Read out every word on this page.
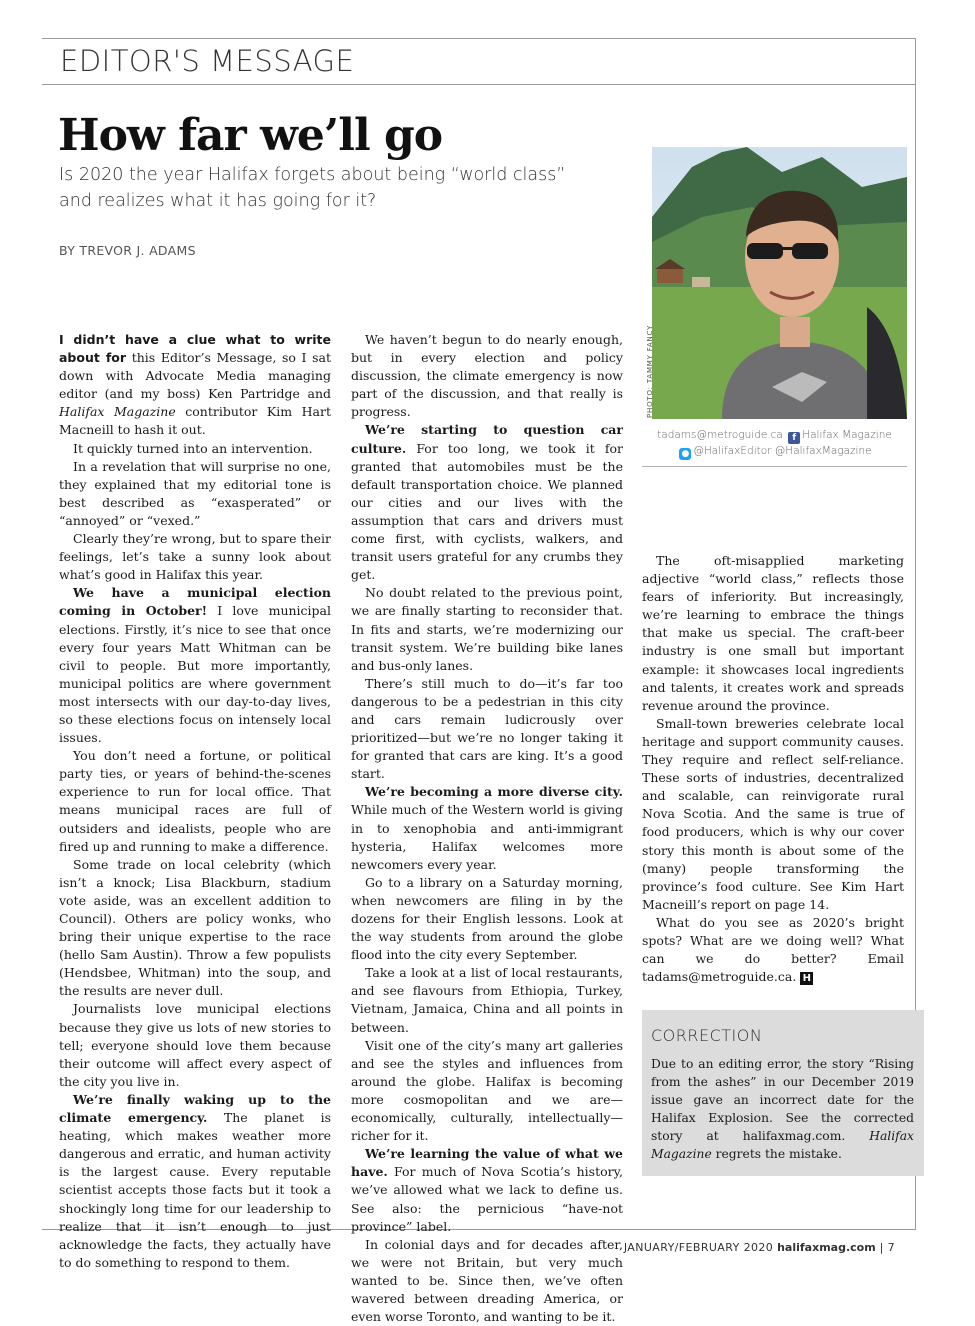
EDITOR'S MESSAGE
How far we’ll go
Is 2020 the year Halifax forgets about being “world class”
and realizes what it has going for it?
BY TREVOR J. ADAMS

I didn’t have a clue what to write about for this Editor’s Message, so I sat down with Advocate Media managing editor (and my boss) Ken Partridge and Halifax Magazine contributor Kim Hart Macneill to hash it out.

It quickly turned into an intervention.

In a revelation that will surprise no one, they explained that my editorial tone is best described as “exasperated” or “annoyed” or “vexed.”

Clearly they’re wrong, but to spare their feelings, let’s take a sunny look about what’s good in Halifax this year.

We have a municipal election coming in October! I love municipal elections. Firstly, it’s nice to see that once every four years Matt Whitman can be civil to people. But more importantly, municipal politics are where government most intersects with our day-to-day lives, so these elections focus on intensely local issues.

You don’t need a fortune, or political party ties, or years of behind-the-scenes experience to run for local office. That means municipal races are full of outsiders and idealists, people who are fired up and running to make a difference.

Some trade on local celebrity (which isn’t a knock; Lisa Blackburn, stadium vote aside, was an excellent addition to Council). Others are policy wonks, who bring their unique expertise to the race (hello Sam Austin). Throw a few populists (Hendsbee, Whitman) into the soup, and the results are never dull.

Journalists love municipal elections because they give us lots of new stories to tell; everyone should love them because their outcome will affect every aspect of the city you live in.

We’re finally waking up to the climate emergency. The planet is heating, which makes weather more dangerous and erratic, and human activity is the largest cause. Every reputable scientist accepts those facts but it took a shockingly long time for our leadership to realize that it isn’t enough to just acknowledge the facts, they actually have to do something to respond to them.

We haven’t begun to do nearly enough, but in every election and policy discussion, the climate emergency is now part of the discussion, and that really is progress.

We’re starting to question car culture. For too long, we took it for granted that automobiles must be the default transportation choice. We planned our cities and our lives with the assumption that cars and drivers must come first, with cyclists, walkers, and transit users grateful for any crumbs they get.

No doubt related to the previous point, we are finally starting to reconsider that. In fits and starts, we’re modernizing our transit system. We’re building bike lanes and bus-only lanes.

There’s still much to do—it’s far too dangerous to be a pedestrian in this city and cars remain ludicrously over prioritized—but we’re no longer taking it for granted that cars are king. It’s a good start.

We’re becoming a more diverse city. While much of the Western world is giving in to xenophobia and anti-immigrant hysteria, Halifax welcomes more newcomers every year.

Go to a library on a Saturday morning, when newcomers are filing in by the dozens for their English lessons. Look at the way students from around the globe flood into the city every September.

Take a look at a list of local restaurants, and see flavours from Ethiopia, Turkey, Vietnam, Jamaica, China and all points in between.

Visit one of the city’s many art galleries and see the styles and influences from around the globe. Halifax is becoming more cosmopolitan and we are—economically, culturally, intellectually—richer for it.

We’re learning the value of what we have. For much of Nova Scotia’s history, we’ve allowed what we lack to define us. See also: the pernicious “have-not province” label.

In colonial days and for decades after, we were not Britain, but very much wanted to be. Since then, we’ve often wavered between dreading America, or even worse Toronto, and wanting to be it.

PHOTO: TAMMY FANCY
tadams@metroguide.ca f Halifax Magazine
● @HalifaxEditor @HalifaxMagazine

The oft-misapplied marketing adjective “world class,” reflects those fears of inferiority. But increasingly, we’re learning to embrace the things that make us special. The craft-beer industry is one small but important example: it showcases local ingredients and talents, it creates work and spreads revenue around the province.

Small-town breweries celebrate local heritage and support community causes. They require and reflect self-reliance. These sorts of industries, decentralized and scalable, can reinvigorate rural Nova Scotia. And the same is true of food producers, which is why our cover story this month is about some of the (many) people transforming the province’s food culture. See Kim Hart Macneill’s report on page 14.

What do you see as 2020’s bright spots? What are we doing well? What can we do better? Email tadams@metroguide.ca. H

CORRECTION

Due to an editing error, the story “Rising from the ashes” in our December 2019 issue gave an incorrect date for the Halifax Explosion. See the corrected story at halifaxmag.com. Halifax Magazine regrets the mistake.

JANUARY/FEBRUARY 2020 halifaxmag.com | 7
